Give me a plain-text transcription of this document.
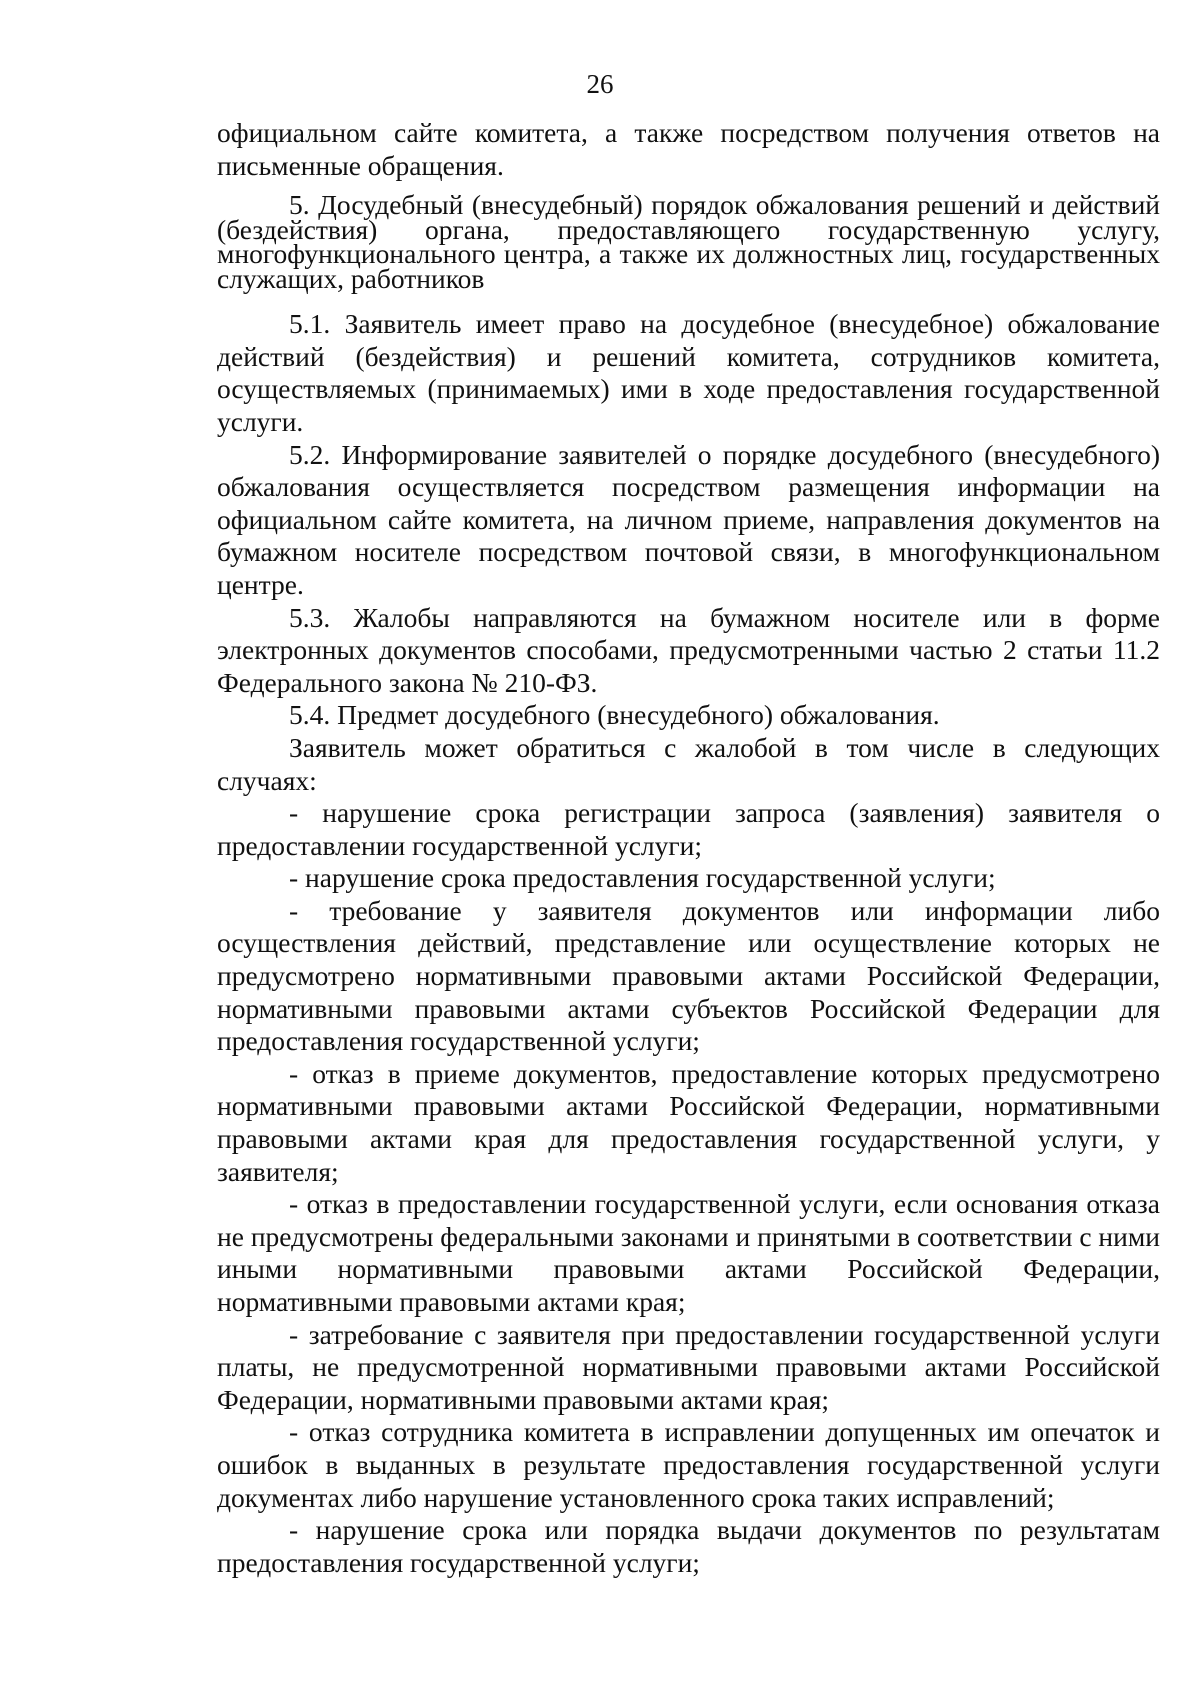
26

официальном сайте комитета, а также посредством получения ответов на письменные обращения.

5. Досудебный (внесудебный) порядок обжалования решений и действий (бездействия) органа, предоставляющего государственную услугу, многофункционального центра, а также их должностных лиц, государственных служащих, работников

5.1. Заявитель имеет право на досудебное (внесудебное) обжалование действий (бездействия) и решений комитета, сотрудников комитета, осуществляемых (принимаемых) ими в ходе предоставления государственной услуги.

5.2. Информирование заявителей о порядке досудебного (внесудебного) обжалования осуществляется посредством размещения информации на официальном сайте комитета, на личном приеме, направления документов на бумажном носителе посредством почтовой связи, в многофункциональном центре.

5.3. Жалобы направляются на бумажном носителе или в форме электронных документов способами, предусмотренными частью 2 статьи 11.2 Федерального закона № 210-ФЗ.

5.4. Предмет досудебного (внесудебного) обжалования.

Заявитель может обратиться с жалобой в том числе в следующих случаях:

- нарушение срока регистрации запроса (заявления) заявителя о предоставлении государственной услуги;

- нарушение срока предоставления государственной услуги;

- требование у заявителя документов или информации либо осуществления действий, представление или осуществление которых не предусмотрено нормативными правовыми актами Российской Федерации, нормативными правовыми актами субъектов Российской Федерации для предоставления государственной услуги;

- отказ в приеме документов, предоставление которых предусмотрено нормативными правовыми актами Российской Федерации, нормативными правовыми актами края для предоставления государственной услуги, у заявителя;

- отказ в предоставлении государственной услуги, если основания отказа не предусмотрены федеральными законами и принятыми в соответствии с ними иными нормативными правовыми актами Российской Федерации, нормативными правовыми актами края;

- затребование с заявителя при предоставлении государственной услуги платы, не предусмотренной нормативными правовыми актами Российской Федерации, нормативными правовыми актами края;

- отказ сотрудника комитета в исправлении допущенных им опечаток и ошибок в выданных в результате предоставления государственной услуги документах либо нарушение установленного срока таких исправлений;

- нарушение срока или порядка выдачи документов по результатам предоставления государственной услуги;
